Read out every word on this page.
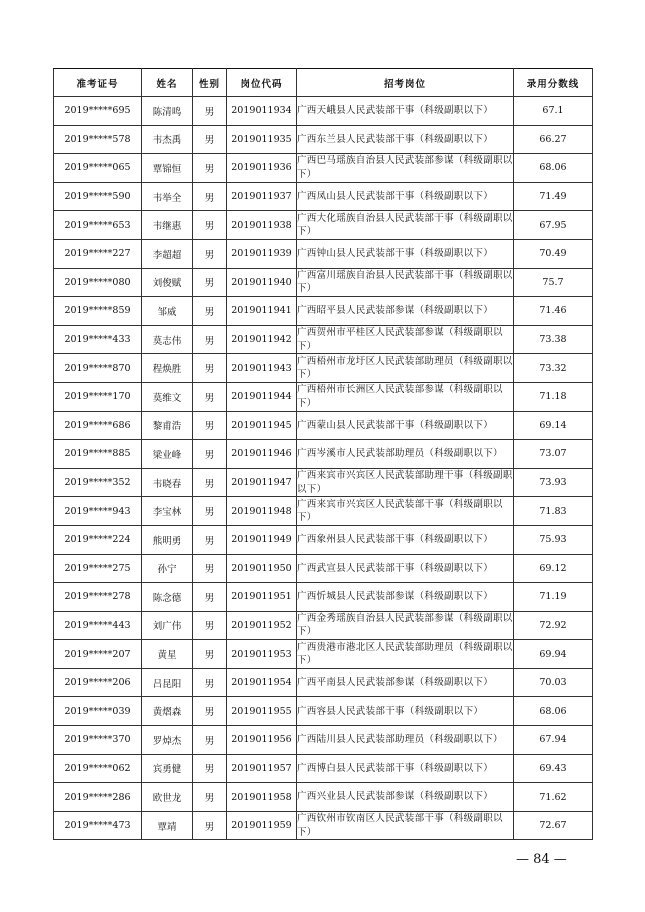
准考证号	姓名	性别	岗位代码	招考岗位	录用分数线
2019*****695	陈清鸣	男	2019011934	广西天峨县人民武装部干事（科级副职以下）	67.1
2019*****578	韦杰禹	男	2019011935	广西东兰县人民武装部干事（科级副职以下）	66.27
2019*****065	覃锦恒	男	2019011936	广西巴马瑶族自治县人民武装部参谋（科级副职以下）	68.06
2019*****590	韦举全	男	2019011937	广西凤山县人民武装部干事（科级副职以下）	71.49
2019*****653	韦继惠	男	2019011938	广西大化瑶族自治县人民武装部干事（科级副职以下）	67.95
2019*****227	李超超	男	2019011939	广西钟山县人民武装部干事（科级副职以下）	70.49
2019*****080	刘俊赋	男	2019011940	广西富川瑶族自治县人民武装部干事（科级副职以下）	75.7
2019*****859	邹威	男	2019011941	广西昭平县人民武装部参谋（科级副职以下）	71.46
2019*****433	莫志伟	男	2019011942	广西贺州市平桂区人民武装部参谋（科级副职以下）	73.38
2019*****870	程焕胜	男	2019011943	广西梧州市龙圩区人民武装部助理员（科级副职以下）	73.32
2019*****170	莫维文	男	2019011944	广西梧州市长洲区人民武装部参谋（科级副职以下）	71.18
2019*****686	黎甫浩	男	2019011945	广西蒙山县人民武装部干事（科级副职以下）	69.14
2019*****885	梁业峰	男	2019011946	广西岑溪市人民武装部助理员（科级副职以下）	73.07
2019*****352	韦晓春	男	2019011947	广西来宾市兴宾区人民武装部助理干事（科级副职以下）	73.93
2019*****943	李宝林	男	2019011948	广西来宾市兴宾区人民武装部干事（科级副职以下）	71.83
2019*****224	熊明勇	男	2019011949	广西象州县人民武装部干事（科级副职以下）	75.93
2019*****275	孙宁	男	2019011950	广西武宣县人民武装部干事（科级副职以下）	69.12
2019*****278	陈念德	男	2019011951	广西忻城县人民武装部参谋（科级副职以下）	71.19
2019*****443	刘广伟	男	2019011952	广西金秀瑶族自治县人民武装部参谋（科级副职以下）	72.92
2019*****207	黄星	男	2019011953	广西贵港市港北区人民武装部助理员（科级副职以下）	69.94
2019*****206	吕昆阳	男	2019011954	广西平南县人民武装部参谋（科级副职以下）	70.03
2019*****039	黄熠森	男	2019011955	广西容县人民武装部干事（科级副职以下）	68.06
2019*****370	罗焯杰	男	2019011956	广西陆川县人民武装部助理员（科级副职以下）	67.94
2019*****062	宾勇健	男	2019011957	广西博白县人民武装部干事（科级副职以下）	69.43
2019*****286	欧世龙	男	2019011958	广西兴业县人民武装部参谋（科级副职以下）	71.62
2019*****473	覃靖	男	2019011959	广西钦州市钦南区人民武装部干事（科级副职以下）	72.67
— 84 —
